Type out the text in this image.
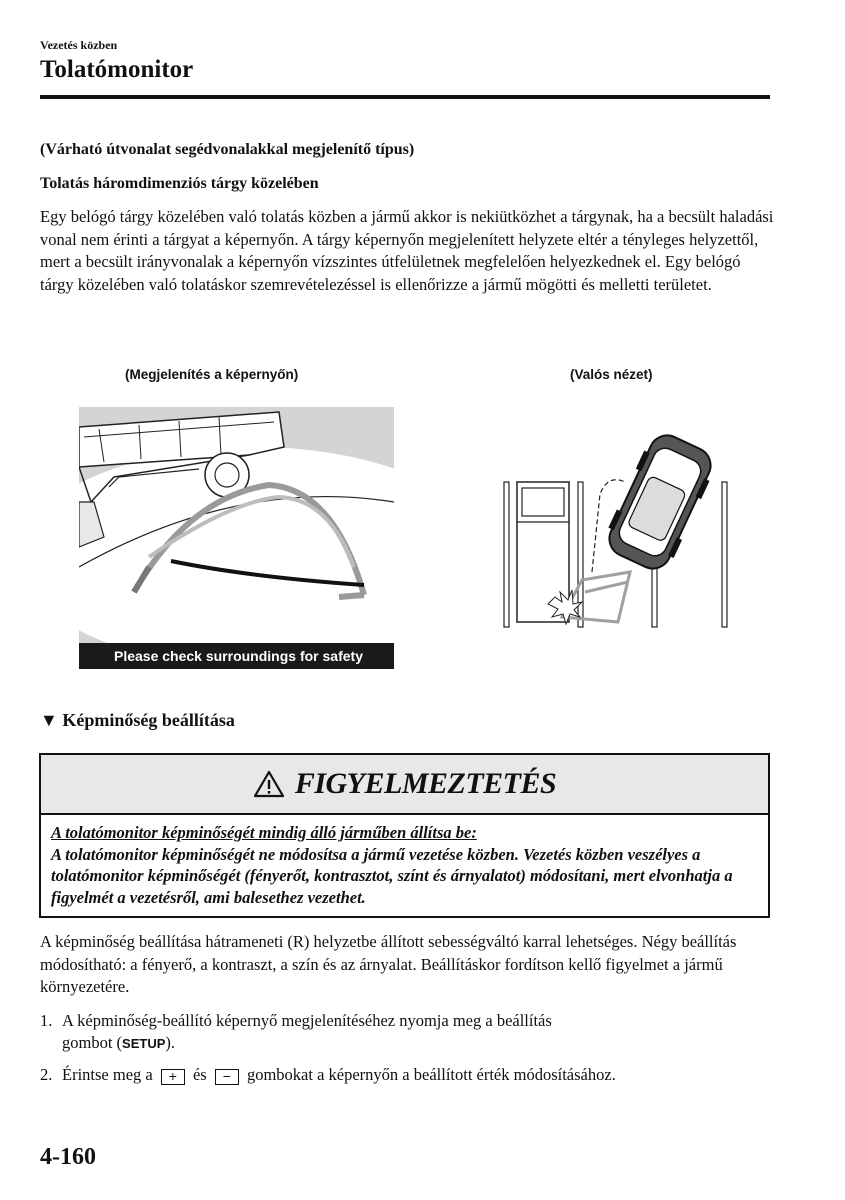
Vezetés közben
Tolatómonitor
(Várható útvonalat segédvonalakkal megjelenítő típus)
Tolatás háromdimenziós tárgy közelében

Egy belógó tárgy közelében való tolatás közben a jármű akkor is nekiütközhet a tárgynak, ha a becsült haladási vonal nem érinti a tárgyat a képernyőn. A tárgy képernyőn megjelenített helyzete eltér a tényleges helyzettől, mert a becsült irányvonalak a képernyőn vízszintes útfelületnek megfelelően helyezkednek el. Egy belógó tárgy közelében való tolatáskor szemrevételezéssel is ellenőrizze a jármű mögötti és melletti területet.

(Megjelenítés a képernyőn)	(Valós nézet)
Please check surroundings for safety
▼ Képminőség beállítása
FIGYELMEZTETÉS
A tolatómonitor képminőségét mindig álló járműben állítsa be:
A tolatómonitor képminőségét ne módosítsa a jármű vezetése közben. Vezetés közben veszélyes a tolatómonitor képminőségét (fényerőt, kontrasztot, színt és árnyalatot) módosítani, mert elvonhatja a figyelmét a vezetésről, ami balesethez vezethet.

A képminőség beállítása hátrameneti (R) helyzetbe állított sebességváltó karral lehetséges. Négy beállítás módosítható: a fényerő, a kontraszt, a szín és az árnyalat. Beállításkor fordítson kellő figyelmet a jármű környezetére.

1. A képminőség-beállító képernyő megjelenítéséhez nyomja meg a beállítás
gombot (SETUP).
2. Érintse meg a + és − gombokat a képernyőn a beállított érték módosításához.
4-160
